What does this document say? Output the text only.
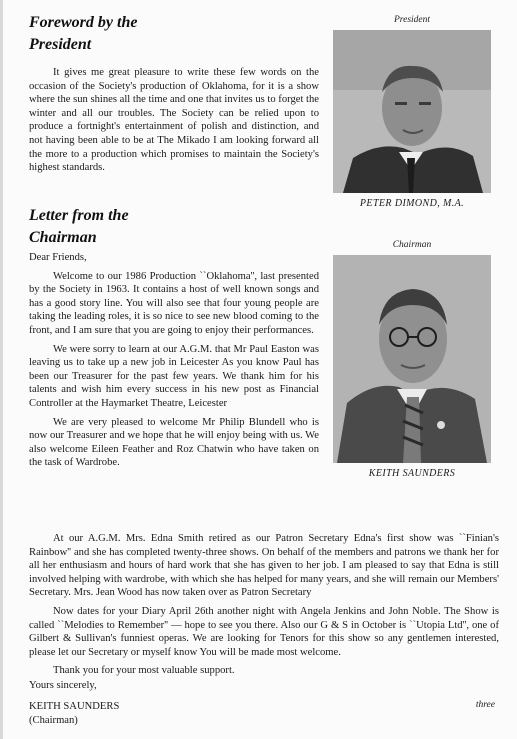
Foreword by the
President

It gives me great pleasure to write these few words on the occasion of the Society's production of Oklahoma, for it is a show where the sun shines all the time and one that invites us to forget the winter and all our troubles. The Society can be relied upon to produce a fortnight's entertainment of polish and distinction, and not having been able to be at The Mikado I am looking forward all the more to a production which promises to maintain the Society's highest standards.

President
PETER DIMOND, M.A.
Letter from the
Chairman	Chairman
KEITH SAUNDERS

Dear Friends,

Welcome to our 1986 Production ``Oklahoma'', last presented by the Society in 1963. It contains a host of well known songs and has a good story line. You will also see that four young people are taking the leading roles, it is so nice to see new blood coming to the front, and I am sure that you are going to enjoy their performances.

We were sorry to learn at our A.G.M. that Mr Paul Easton was leaving us to take up a new job in Leicester As you know Paul has been our Treasurer for the past few years. We thank him for his talents and wish him every success in his new post as Financial Controller at the Haymarket Theatre, Leicester

We are very pleased to welcome Mr Philip Blundell who is now our Treasurer and we hope that he will enjoy being with us. We also welcome Eileen Feather and Roz Chatwin who have taken on the task of Wardrobe.

At our A.G.M. Mrs. Edna Smith retired as our Patron Secretary Edna's first show was ``Finian's Rainbow'' and she has completed twenty-three shows. On behalf of the members and patrons we thank her for all her enthusiasm and hours of hard work that she has given to her job. I am pleased to say that Edna is still involved helping with wardrobe, with which she has helped for many years, and she will remain our Members' Secretary. Mrs. Jean Wood has now taken over as Patron Secretary

Now dates for your Diary April 26th another night with Angela Jenkins and John Noble. The Show is called ``Melodies to Remember'' — hope to see you there. Also our G & S in October is ``Utopia Ltd'', one of Gilbert & Sullivan's funniest operas. We are looking for Tenors for this show so any gentlemen interested, please let our Secretary or myself know You will be made most welcome.

Thank you for your most valuable support.

Yours sincerely,
KEITH SAUNDERS
(Chairman)
three
